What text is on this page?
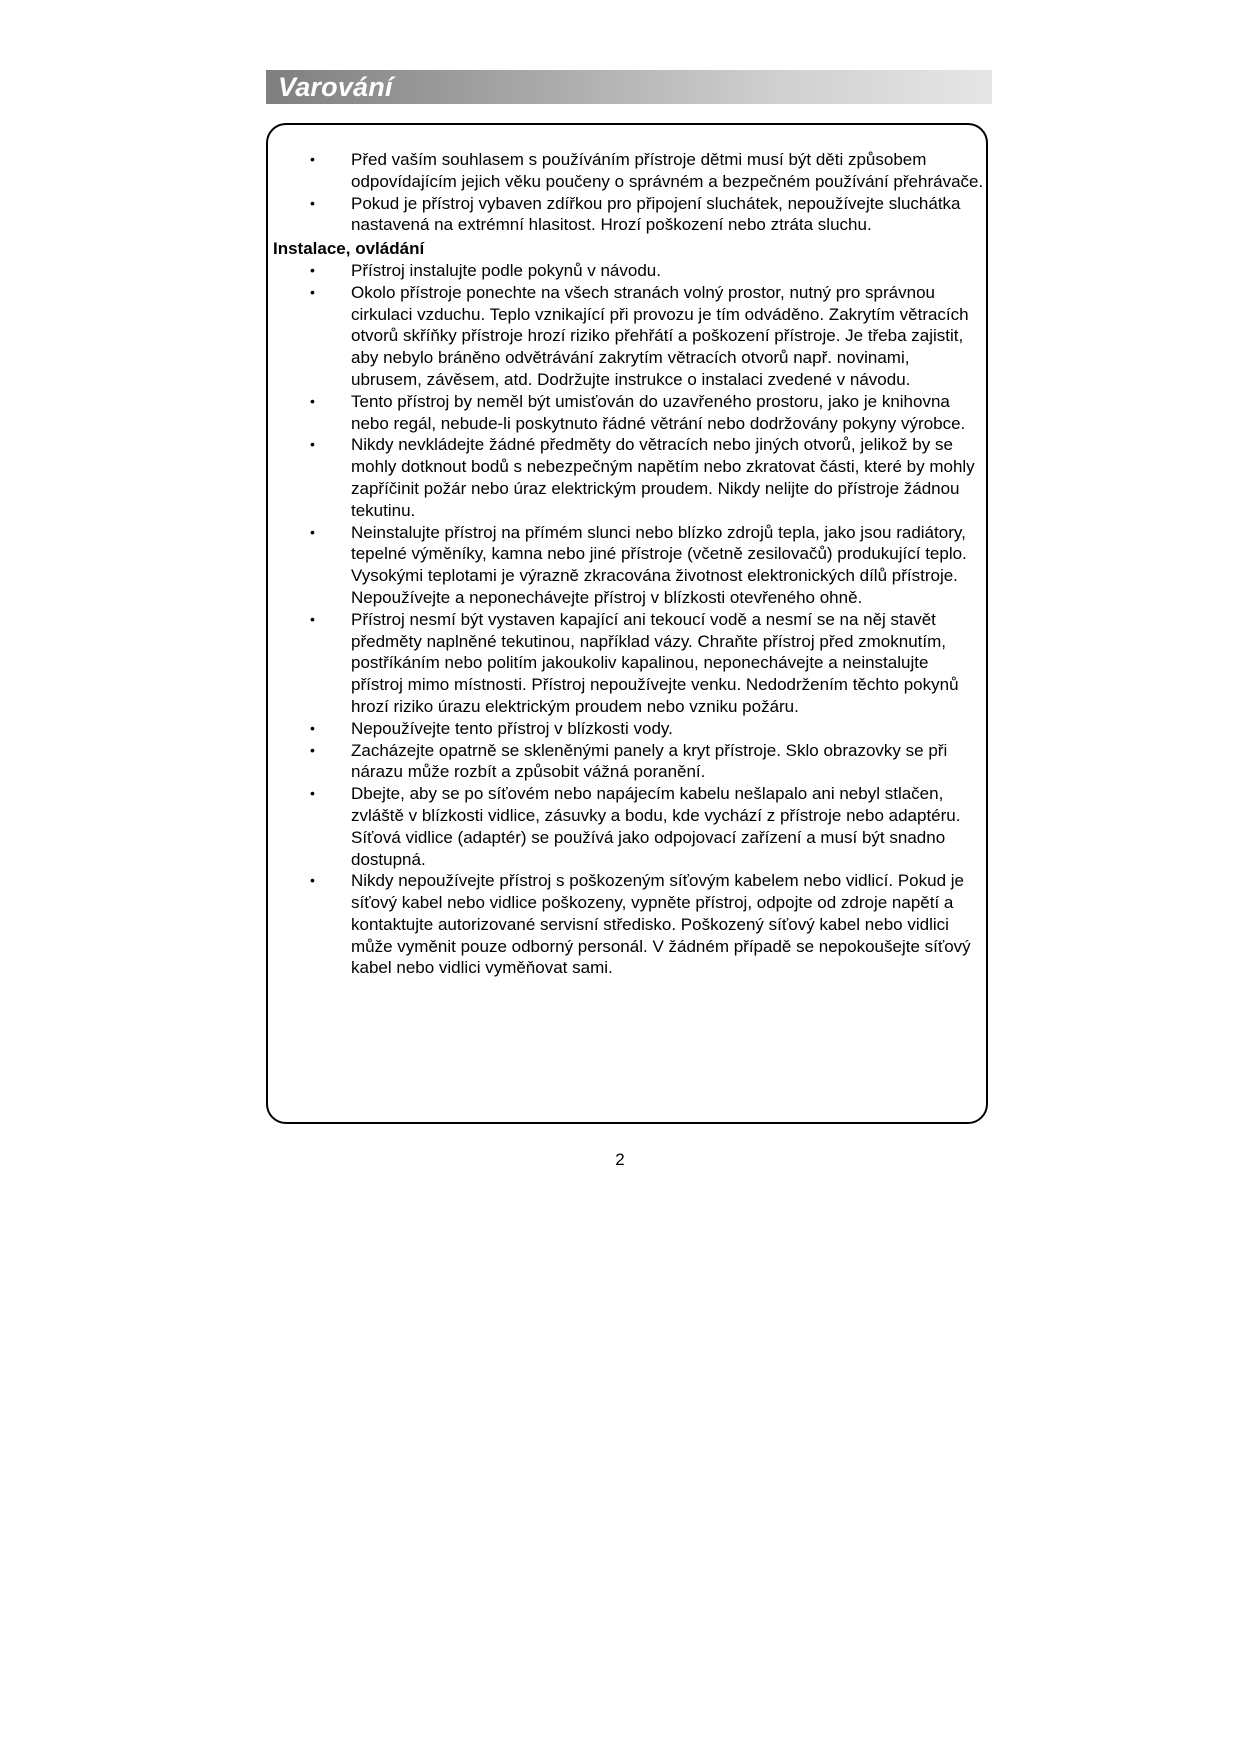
Varování
• Před vaším souhlasem s používáním přístroje dětmi musí být děti způsobem odpovídajícím jejich věku poučeny o správném a bezpečném používání přehrávače.
• Pokud je přístroj vybaven zdířkou pro připojení sluchátek, nepoužívejte sluchátka nastavená na extrémní hlasitost. Hrozí poškození nebo ztráta sluchu.
Instalace, ovládání
• Přístroj instalujte podle pokynů v návodu.
• Okolo přístroje ponechte na všech stranách volný prostor, nutný pro správnou cirkulaci vzduchu. Teplo vznikající při provozu je tím odváděno. Zakrytím větracích otvorů skříňky přístroje hrozí riziko přehřátí a poškození přístroje. Je třeba zajistit, aby nebylo bráněno odvětrávání zakrytím větracích otvorů např. novinami, ubrusem, závěsem, atd. Dodržujte instrukce o instalaci zvedené v návodu.
• Tento přístroj by neměl být umisťován do uzavřeného prostoru, jako je knihovna nebo regál, nebude-li poskytnuto řádné větrání nebo dodržovány pokyny výrobce.
• Nikdy nevkládejte žádné předměty do větracích nebo jiných otvorů, jelikož by se mohly dotknout bodů s nebezpečným napětím nebo zkratovat části, které by mohly zapříčinit požár nebo úraz elektrickým proudem. Nikdy nelijte do přístroje žádnou tekutinu.
• Neinstalujte přístroj na přímém slunci nebo blízko zdrojů tepla, jako jsou radiátory, tepelné výměníky, kamna nebo jiné přístroje (včetně zesilovačů) produkující teplo. Vysokými teplotami je výrazně zkracována životnost elektronických dílů přístroje. Nepoužívejte a neponechávejte přístroj v blízkosti otevřeného ohně.
• Přístroj nesmí být vystaven kapající ani tekoucí vodě a nesmí se na něj stavět předměty naplněné tekutinou, například vázy. Chraňte přístroj před zmoknutím, postříkáním nebo politím jakoukoliv kapalinou, neponechávejte a neinstalujte přístroj mimo místnosti. Přístroj nepoužívejte venku. Nedodržením těchto pokynů hrozí riziko úrazu elektrickým proudem nebo vzniku požáru.
• Nepoužívejte tento přístroj v blízkosti vody.
• Zacházejte opatrně se skleněnými panely a kryt přístroje. Sklo obrazovky se při nárazu může rozbít a způsobit vážná poranění.
• Dbejte, aby se po síťovém nebo napájecím kabelu nešlapalo ani nebyl stlačen, zvláště v blízkosti vidlice, zásuvky a bodu, kde vychází z přístroje nebo adaptéru. Síťová vidlice (adaptér) se používá jako odpojovací zařízení a musí být snadno dostupná.
• Nikdy nepoužívejte přístroj s poškozeným síťovým kabelem nebo vidlicí. Pokud je síťový kabel nebo vidlice poškozeny, vypněte přístroj, odpojte od zdroje napětí a kontaktujte autorizované servisní středisko. Poškozený síťový kabel nebo vidlici může vyměnit pouze odborný personál. V žádném případě se nepokoušejte síťový kabel nebo vidlici vyměňovat sami.
2
